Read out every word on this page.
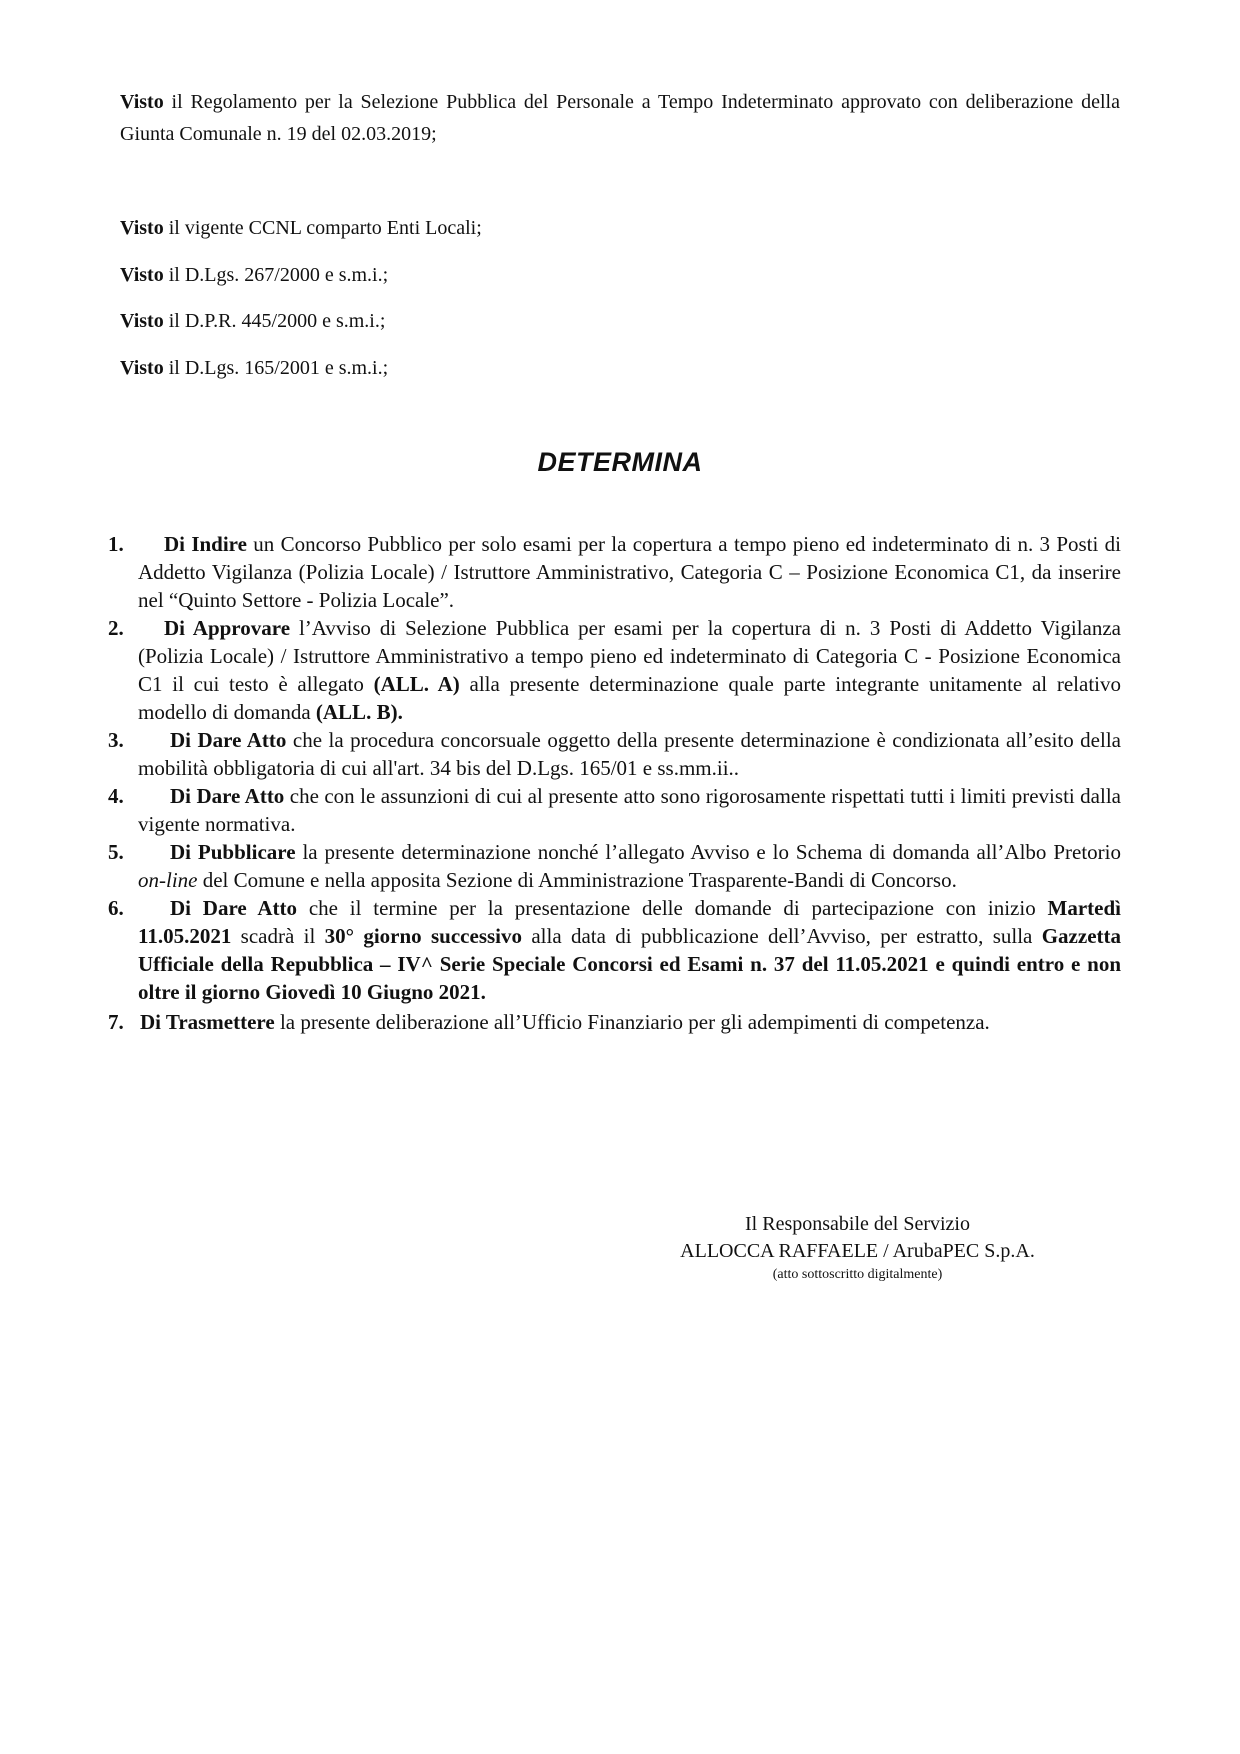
Visto il Regolamento per la Selezione Pubblica del Personale a Tempo Indeterminato approvato con deliberazione della Giunta Comunale n. 19 del 02.03.2019;

Visto il vigente CCNL comparto Enti Locali;

Visto il D.Lgs. 267/2000 e s.m.i.;

Visto il D.P.R. 445/2000 e s.m.i.;

Visto il D.Lgs. 165/2001 e s.m.i.;

DETERMINA
1. Di Indire un Concorso Pubblico per solo esami per la copertura a tempo pieno ed indeterminato di n. 3 Posti di Addetto Vigilanza (Polizia Locale) / Istruttore Amministrativo, Categoria C – Posizione Economica C1, da inserire nel “Quinto Settore - Polizia Locale”.
2. Di Approvare l’Avviso di Selezione Pubblica per esami per la copertura di n. 3 Posti di Addetto Vigilanza (Polizia Locale) / Istruttore Amministrativo a tempo pieno ed indeterminato di Categoria C - Posizione Economica C1 il cui testo è allegato (ALL. A) alla presente determinazione quale parte integrante unitamente al relativo modello di domanda (ALL. B).
3. Di Dare Atto che la procedura concorsuale oggetto della presente determinazione è condizionata all’esito della mobilità obbligatoria di cui all'art. 34 bis del D.Lgs. 165/01 e ss.mm.ii..
4. Di Dare Atto che con le assunzioni di cui al presente atto sono rigorosamente rispettati tutti i limiti previsti dalla vigente normativa.
5. Di Pubblicare la presente determinazione nonché l’allegato Avviso e lo Schema di domanda all’Albo Pretorio on-line del Comune e nella apposita Sezione di Amministrazione Trasparente-Bandi di Concorso.
6. Di Dare Atto che il termine per la presentazione delle domande di partecipazione con inizio Martedì 11.05.2021 scadrà il 30° giorno successivo alla data di pubblicazione dell’Avviso, per estratto, sulla Gazzetta Ufficiale della Repubblica – IV^ Serie Speciale Concorsi ed Esami n. 37 del 11.05.2021 e quindi entro e non oltre il giorno Giovedì 10 Giugno 2021.
7. Di Trasmettere la presente deliberazione all’Ufficio Finanziario per gli adempimenti di competenza.

Il Responsabile del Servizio

ALLOCCA RAFFAELE / ArubaPEC S.p.A.

(atto sottoscritto digitalmente)
